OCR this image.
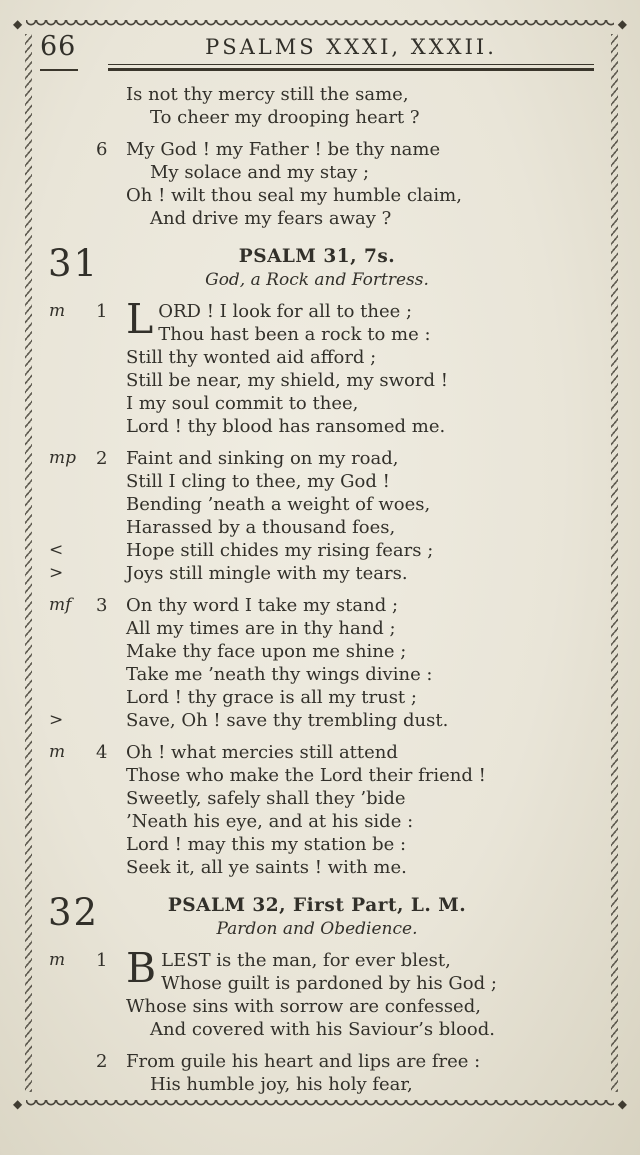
◆	◆
◆	◆
66	PSALMS XXXI, XXXII.
Is not thy mercy still the same,
To cheer my drooping heart ?
6	My God ! my Father ! be thy name
My solace and my stay ;
Oh ! wilt thou seal my humble claim,
And drive my fears away ?
31	PSALM 31, 7s.
God, a Rock and Fortress.
m	1 L ORD ! I look for all to thee ;
Thou hast been a rock to me :
Still thy wonted aid afford ;
Still be near, my shield, my sword !
I my soul commit to thee,
Lord ! thy blood has ransomed me.
mp	2	Faint and sinking on my road,
Still I cling to thee, my God !
Bending ’neath a weight of woes,
Harassed by a thousand foes,
<	Hope still chides my rising fears ;
>	Joys still mingle with my tears.
mf	3	On thy word I take my stand ;
All my times are in thy hand ;
Make thy face upon me shine ;
Take me ’neath thy wings divine :
Lord ! thy grace is all my trust ;
>	Save, Oh ! save thy trembling dust.
m	4	Oh ! what mercies still attend
Those who make the Lord their friend !
Sweetly, safely shall they ’bide
’Neath his eye, and at his side :
Lord ! may this my station be :
Seek it, all ye saints ! with me.
32	PSALM 32, First Part, L. M.
Pardon and Obedience.
m	1 B LEST is the man, for ever blest,
Whose guilt is pardoned by his God ;
Whose sins with sorrow are confessed,
And covered with his Saviour’s blood.
2	From guile his heart and lips are free :
His humble joy, his holy fear,
